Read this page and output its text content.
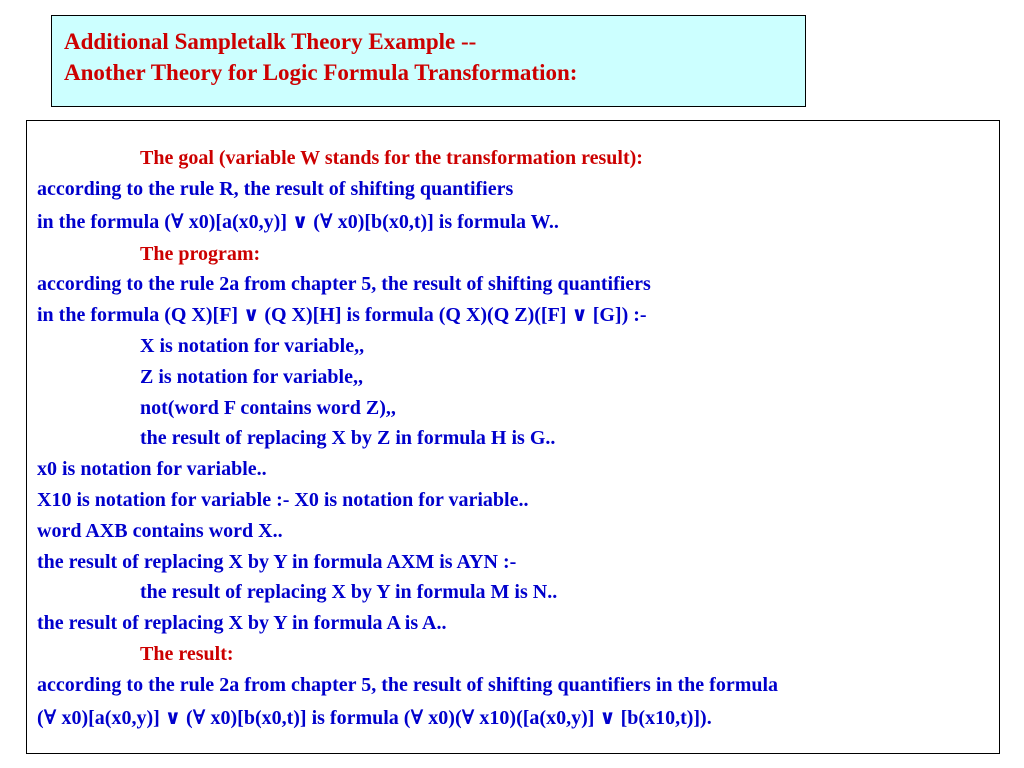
Additional Sampletalk Theory Example --
Another Theory for Logic Formula Transformation:
The goal (variable W stands for the transformation result):
according to the rule R, the result of shifting quantifiers
in the formula (∀ x0)[a(x0,y)] ∨ (∀ x0)[b(x0,t)] is formula W..
The program:
according to the rule 2a from chapter 5, the result of shifting quantifiers
in the formula (Q X)[F] ∨ (Q X)[H] is formula (Q X)(Q Z)([F] ∨ [G]) :-
X is notation for variable,,
Z is notation for variable,,
not(word F contains word Z),,
the result of replacing X by Z in formula H is G..
x0 is notation for variable..
X10 is notation for variable :- X0 is notation for variable..
word AXB contains word X..
the result of replacing X by Y in formula AXM is AYN :-
the result of replacing X by Y in formula M is N..
the result of replacing X by Y in formula A is A..
The result:
according to the rule 2a from chapter 5, the result of shifting quantifiers in the formula
(∀ x0)[a(x0,y)] ∨ (∀ x0)[b(x0,t)] is formula (∀ x0)(∀ x10)([a(x0,y)] ∨ [b(x10,t)]).
